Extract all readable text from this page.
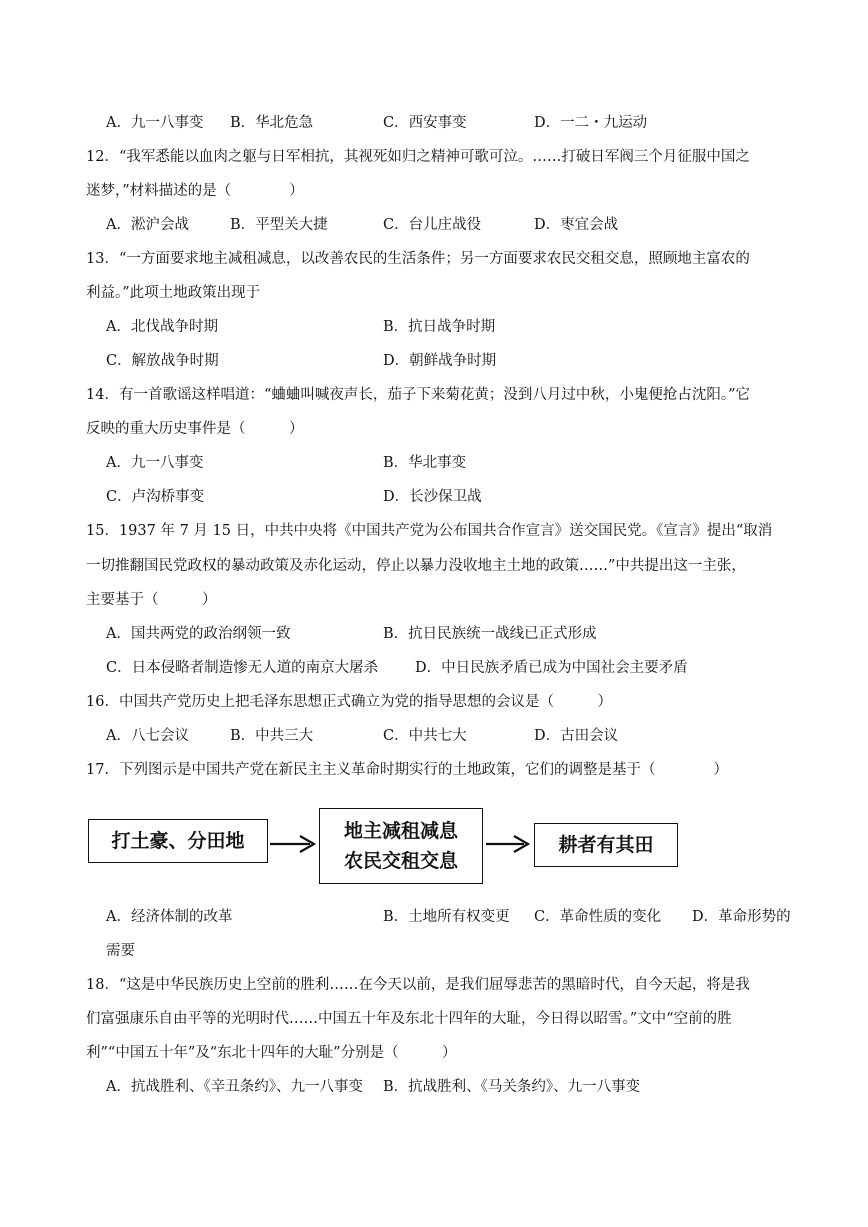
A．九一八事变 B．华北危急	C．西安事变	D．一二・九运动
12．“我军悉能以血肉之躯与日军相抗，其视死如归之精神可歌可泣。……打破日军阀三个月征服中国之
迷梦，”材料描述的是（　　　　）
A．淞沪会战	B．平型关大捷	C．台儿庄战役	D．枣宜会战
13．“一方面要求地主减租减息，以改善农民的生活条件；另一方面要求农民交租交息，照顾地主富农的
利益。”此项土地政策出现于
A．北伐战争时期	B．抗日战争时期
C．解放战争时期	D．朝鲜战争时期
14．有一首歌谣这样唱道：“蛐蛐叫喊夜声长，茄子下来菊花黄；没到八月过中秋，小鬼便抢占沈阳。”它
反映的重大历史事件是（　　　）
A．九一八事变	B．华北事变
C．卢沟桥事变	D．长沙保卫战
15．1937 年 7 月 15 日，中共中央将《中国共产党为公布国共合作宣言》送交国民党。《宣言》提出“取消
一切推翻国民党政权的暴动政策及赤化运动，停止以暴力没收地主土地的政策……”中共提出这一主张，
主要基于（　　　）
A．国共两党的政治纲领一致	B．抗日民族统一战线已正式形成
C．日本侵略者制造惨无人道的南京大屠杀	D．中日民族矛盾已成为中国社会主要矛盾
16．中国共产党历史上把毛泽东思想正式确立为党的指导思想的会议是（　　　）
A．八七会议	B．中共三大	C．中共七大	D．古田会议
17．下列图示是中国共产党在新民主主义革命时期实行的土地政策，它们的调整是基于（　　　　）
打土豪、分田地	地主减租减息
农民交租交息
耕者有其田
A．经济体制的改革	B．土地所有权变更 C．革命性质的变化 D．革命形势的
需要
18．“这是中华民族历史上空前的胜利……在今天以前，是我们屈辱悲苦的黑暗时代，自今天起，将是我
们富强康乐自由平等的光明时代……中国五十年及东北十四年的大耻，今日得以昭雪。”文中“空前的胜
利”“中国五十年”及“东北十四年的大耻”分别是（　　　）
A．抗战胜利、《辛丑条约》、九一八事变 B．抗战胜利、《马关条约》、九一八事变
